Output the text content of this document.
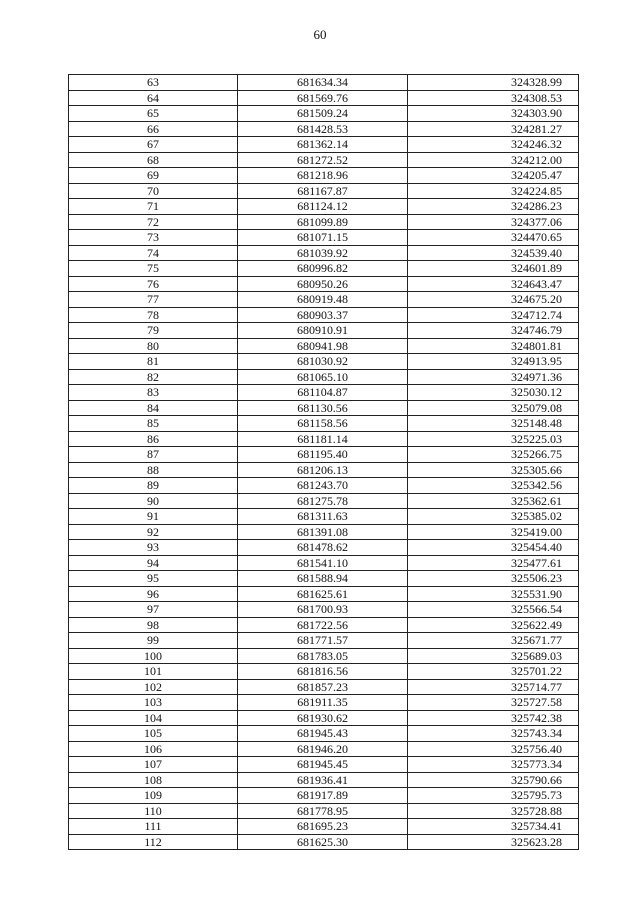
60
63	681634.34	324328.99
64	681569.76	324308.53
65	681509.24	324303.90
66	681428.53	324281.27
67	681362.14	324246.32
68	681272.52	324212.00
69	681218.96	324205.47
70	681167.87	324224.85
71	681124.12	324286.23
72	681099.89	324377.06
73	681071.15	324470.65
74	681039.92	324539.40
75	680996.82	324601.89
76	680950.26	324643.47
77	680919.48	324675.20
78	680903.37	324712.74
79	680910.91	324746.79
80	680941.98	324801.81
81	681030.92	324913.95
82	681065.10	324971.36
83	681104.87	325030.12
84	681130.56	325079.08
85	681158.56	325148.48
86	681181.14	325225.03
87	681195.40	325266.75
88	681206.13	325305.66
89	681243.70	325342.56
90	681275.78	325362.61
91	681311.63	325385.02
92	681391.08	325419.00
93	681478.62	325454.40
94	681541.10	325477.61
95	681588.94	325506.23
96	681625.61	325531.90
97	681700.93	325566.54
98	681722.56	325622.49
99	681771.57	325671.77
100	681783.05	325689.03
101	681816.56	325701.22
102	681857.23	325714.77
103	681911.35	325727.58
104	681930.62	325742.38
105	681945.43	325743.34
106	681946.20	325756.40
107	681945.45	325773.34
108	681936.41	325790.66
109	681917.89	325795.73
110	681778.95	325728.88
111	681695.23	325734.41
112	681625.30	325623.28
